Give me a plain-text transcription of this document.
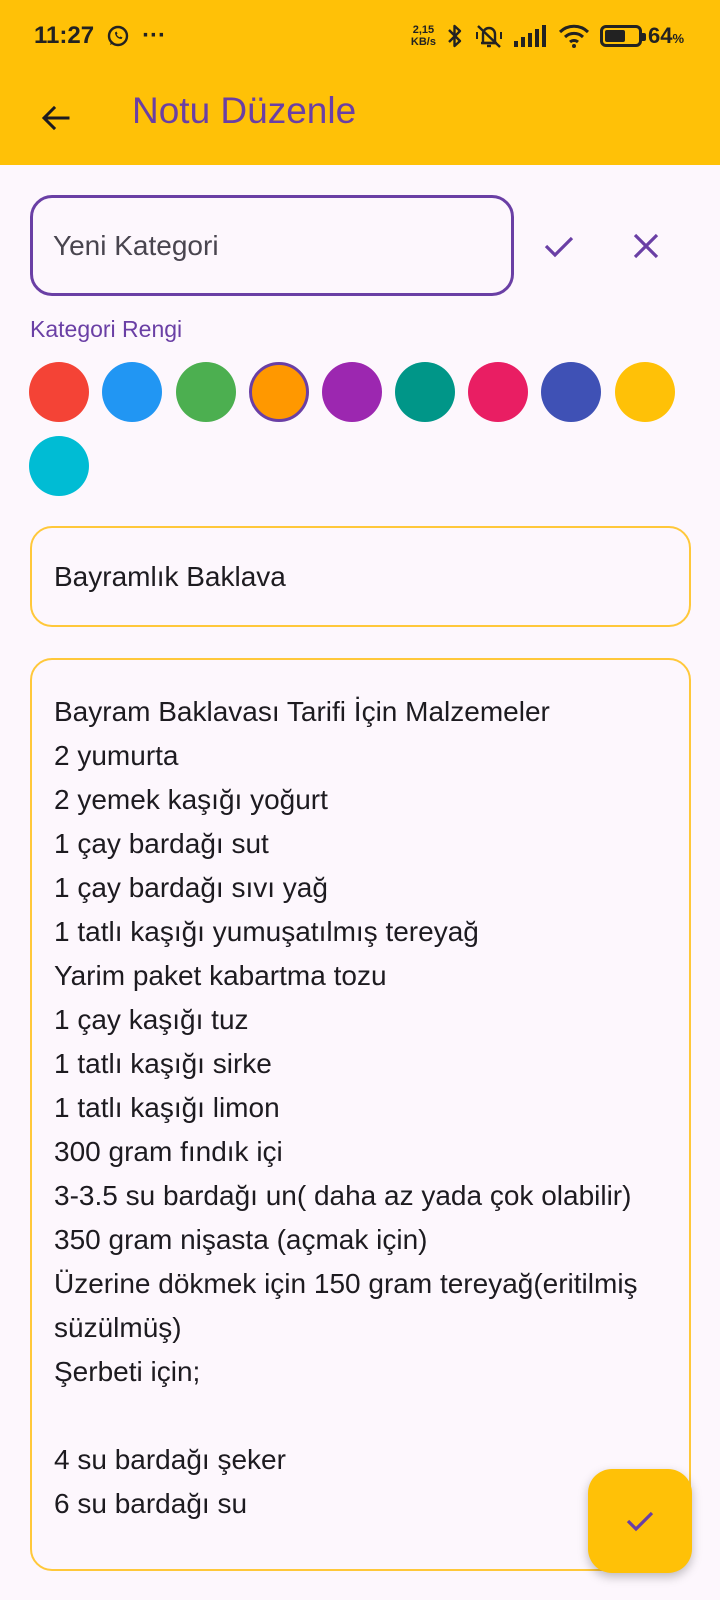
11:27 ···	2,15
KB/s	64%
Notu Düzenle
Yeni Kategori
Kategori Rengi
Bayramlık Baklava
Bayram Baklavası Tarifi İçin Malzemeler
2 yumurta
2 yemek kaşığı yoğurt
1 çay bardağı sut
1 çay bardağı sıvı yağ
1 tatlı kaşığı yumuşatılmış tereyağ
Yarim paket kabartma tozu
1 çay kaşığı tuz
1 tatlı kaşığı sirke
1 tatlı kaşığı limon
300 gram fındık içi
3-3.5 su bardağı un( daha az yada çok olabilir)
350 gram nişasta (açmak için)
Üzerine dökmek için 150 gram tereyağ(eritilmiş süzülmüş)
Şerbeti için;

4 su bardağı şeker
6 su bardağı su
